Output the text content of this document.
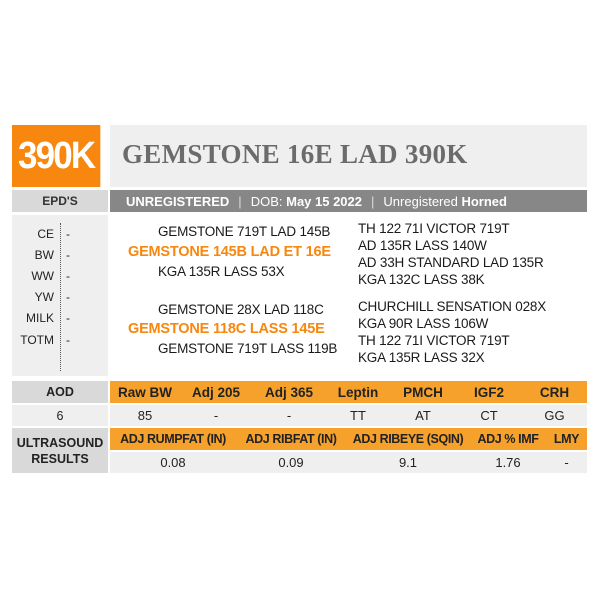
390K GEMSTONE 16E LAD 390K
EPD'S	UNREGISTERED | DOB:
May 15 2022 | Unregistered
Horned
CE -
BW -
WW -
YW -
MILK -
TOTM -
GEMSTONE 719T LAD 145B
GEMSTONE 145B LAD ET 16E
KGA 135R LASS 53X
TH 122 71I VICTOR 719T
AD 135R LASS 140W
AD 33H STANDARD LAD 135R
KGA 132C LASS 38K
GEMSTONE 28X LAD 118C
GEMSTONE 118C LASS 145E
GEMSTONE 719T LASS 119B
CHURCHILL SENSATION 028X
KGA 90R LASS 106W
TH 122 71I VICTOR 719T
KGA 135R LASS 32X
AOD	Raw BW	Adj 205	Adj 365	Leptin	PMCH	IGF2	CRH
6	85	-	-	TT	AT	CT	GG
ULTRASOUND
RESULTS
ADJ RUMPFAT (IN)	ADJ RIBFAT (IN)	ADJ RIBEYE (SQIN)	ADJ % IMF	LMY
0.08	0.09	9.1	1.76	-
